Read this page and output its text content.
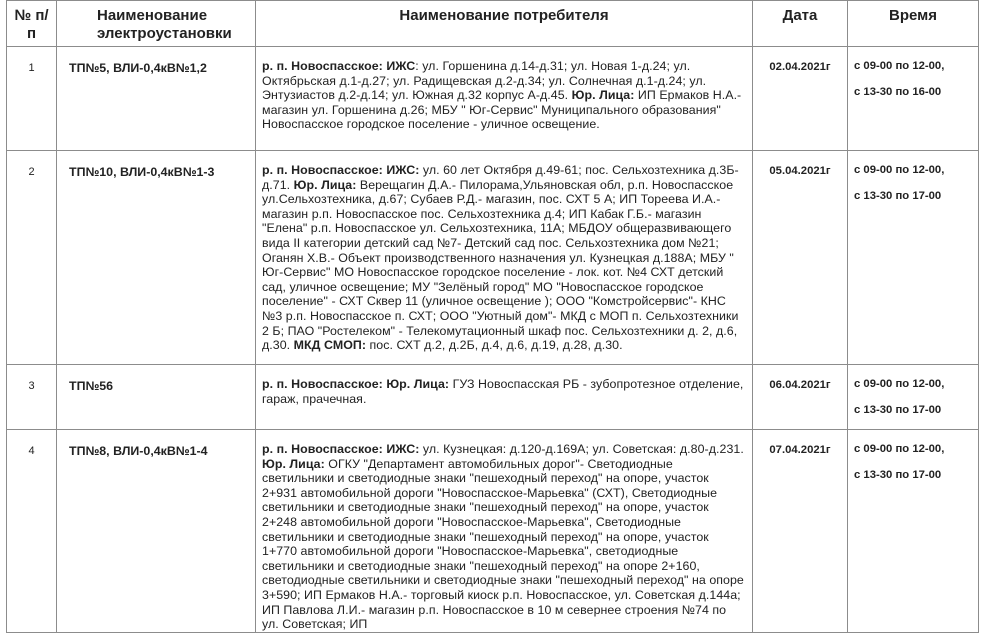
№ п/п	Наименование электроустановки	Наименование потребителя	Дата	Время
1	ТП№5, ВЛИ-0,4кВ№1,2	р. п. Новоспасское: ИЖС: ул. Горшенина д.14-д.31; ул. Новая 1-д.24; ул. Октябрьская д.1-д.27; ул. Радищевская д.2-д.34; ул. Солнечная д.1-д.24; ул. Энтузиастов д.2-д.14; ул. Южная д.32 корпус А-д.45. Юр. Лица: ИП Ермаков Н.А.- магазин ул. Горшенина д.26; МБУ " Юг-Сервис" Муниципального образования" Новоспасское городское поселение - уличное освещение.	02.04.2021г	с 09-00 по 12-00,
с 13-30 по 16-00

2	ТП№10, ВЛИ-0,4кВ№1-3	р. п. Новоспасское: ИЖС: ул. 60 лет Октября д.49-61; пос. Сельхозтехника д.3Б-д.71. Юр. Лица: Верещагин Д.А.- Пилорама,Ульяновская обл, р.п. Новоспасское ул.Сельхозтехника, д.67; Субаев Р.Д.- магазин, пос. СХТ 5 А; ИП Тореева И.А.- магазин р.п. Новоспасское пос. Сельхозтехника д.4; ИП Кабак Г.Б.- магазин "Елена" р.п. Новоспасское ул. Сельхозтехника, 11А; МБДОУ общеразвивающего вида II категории детский сад №7- Детский сад пос. Сельхозтехника дом №21; Оганян Х.В.- Объект производственного назначения ул. Кузнецкая д.188А; МБУ " Юг-Сервис" МО Новоспасское городское поселение - лок. кот. №4 СХТ детский сад, уличное освещение; МУ "Зелёный город" МО "Новоспасское городское поселение" - СХТ Сквер 11 (уличное освещение ); ООО "Комстройсервис"- КНС №3 р.п. Новоспасское п. СХТ; ООО "Уютный дом"- МКД с МОП п. Сельхозтехники 2 Б; ПАО "Ростелеком" - Телекомутационный шкаф пос. Сельхозтехники д. 2, д.6, д.30. МКД СМОП: пос. СХТ д.2, д.2Б, д.4, д.6, д.19, д.28, д.30.	05.04.2021г	с 09-00 по 12-00,
с 13-30 по 17-00

3	ТП№56	р. п. Новоспасское: Юр. Лица: ГУЗ Новоспасская РБ - зубопротезное отделение, гараж, прачечная.	06.04.2021г	с 09-00 по 12-00,
с 13-30 по 17-00

4	ТП№8, ВЛИ-0,4кВ№1-4	р. п. Новоспасское: ИЖС: ул. Кузнецкая: д.120-д.169А; ул. Советская: д.80-д.231. Юр. Лица: ОГКУ "Департамент автомобильных дорог"- Светодиодные светильники и светодиодные знаки "пешеходный переход" на опоре, участок 2+931 автомобильной дороги "Новоспасское-Марьевка" (СХТ), Светодиодные светильники и светодиодные знаки "пешеходный переход" на опоре, участок 2+248 автомобильной дороги "Новоспасское-Марьевка", Светодиодные светильники и светодиодные знаки "пешеходный переход" на опоре, участок 1+770 автомобильной дороги "Новоспасское-Марьевка", светодиодные светильники и светодиодные знаки "пешеходный переход" на опоре 2+160, светодиодные светильники и светодиодные знаки "пешеходный переход" на опоре 3+590; ИП Ермаков Н.А.- торговый киоск р.п. Новоспасское, ул. Советская д.144а; ИП Павлова Л.И.- магазин р.п. Новоспасское в 10 м севернее строения №74 по ул. Советская; ИП	07.04.2021г	с 09-00 по 12-00,
с 13-30 по 17-00
